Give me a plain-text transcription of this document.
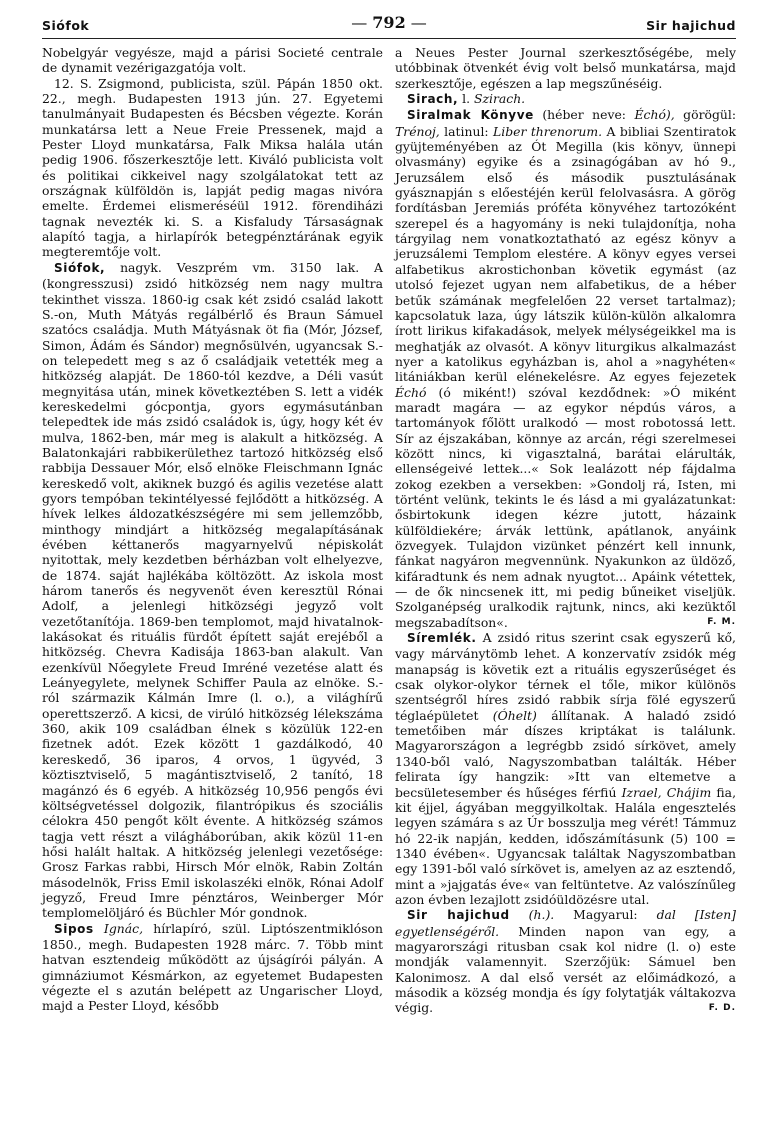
Siófok	— 792 —	Sir hajichud

Nobelgyár vegyésze, majd a párisi Societé centrale de dynamit vezérigazgatója volt.

12. S. Zsigmond, publicista, szül. Pápán 1850 okt. 22., megh. Budapesten 1913 jún. 27. Egyetemi tanulmányait Budapesten és Bécsben végezte. Korán munkatársa lett a Neue Freie Pressenek, majd a Pester Lloyd munkatársa, Falk Miksa halála után pedig 1906. főszerkesztője lett. Kiváló publicista volt és politikai cikkeivel nagy szolgálatokat tett az országnak külföldön is, lapját pedig magas nivóra emelte. Érdemei elismeréséül 1912. förendiházi tagnak nevezték ki. S. a Kisfaludy Társaságnak alapító tagja, a hirlapírók betegpénztárának egyik megteremtője volt.

Siófok, nagyk. Veszprém vm. 3150 lak. A (kongresszusi) zsidó hitközség nem nagy multra tekinthet vissza. 1860-ig csak két zsidó család lakott S.-on, Muth Mátyás regálbérlő és Braun Sámuel szatócs családja. Muth Mátyásnak öt fia (Mór, József, Simon, Ádám és Sándor) megnősülvén, ugyancsak S.-on telepedett meg s az ő családjaik vetették meg a hitközség alapját. De 1860-tól kezdve, a Déli vasút megnyitása után, minek következtében S. lett a vidék kereskedelmi gócpontja, gyors egymásutánban telepedtek ide más zsidó családok is, úgy, hogy két év mulva, 1862-ben, már meg is alakult a hitközség. A Balatonkajári rabbikerülethez tartozó hitközség első rabbija Dessauer Mór, első elnöke Fleischmann Ignác kereskedő volt, akiknek buzgó és agilis vezetése alatt gyors tempóban tekintélyessé fejlődött a hitközség. A hívek lelkes áldozatkészségére mi sem jellemzőbb, minthogy mindjárt a hitközség megalapításának évében kéttanerős magyarnyelvű népiskolát nyitottak, mely kezdetben bérházban volt elhelyezve, de 1874. saját hajlékába költözött. Az iskola most három tanerős és negyvenöt éven keresztül Rónai Adolf, a jelenlegi hitközségi jegyző volt vezetőtanítója. 1869-ben templomot, majd hivatalnok-lakásokat és rituális fürdőt épített saját erejéből a hitközség. Chevra Kadisája 1863-ban alakult. Van ezenkívül Nőegylete Freud Imréné vezetése alatt és Leányegylete, melynek Schiffer Paula az elnöke. S.-ról származik Kálmán Imre (l. o.), a világhírű operettszerző. A kicsi, de virúló hitközség lélekszáma 360, akik 109 családban élnek s közülük 122-en fizetnek adót. Ezek között 1 gazdálkodó, 40 kereskedő, 36 iparos, 4 orvos, 1 ügyvéd, 3 köztisztviselő, 5 magántisztviselő, 2 tanító, 18 magánzó és 6 egyéb. A hitközség 10,956 pengős évi költségvetéssel dolgozik, filantrópikus és szociális célokra 450 pengőt költ évente. A hitközség számos tagja vett részt a világháborúban, akik közül 11-en hősi halált haltak. A hitközség jelenlegi vezetősége: Grosz Farkas rabbi, Hirsch Mór elnök, Rabin Zoltán másodelnök, Friss Emil iskolaszéki elnök, Rónai Adolf jegyző, Freud Imre pénztáros, Weinberger Mór templomelöljáró és Büchler Mór gondnok.

Sipos Ignác, hírlapíró, szül. Liptószentmiklóson 1850., megh. Budapesten 1928 márc. 7. Több mint hatvan esztendeig működött az újságírói pályán. A gimnáziumot Késmárkon, az egyetemet Budapesten végezte el s azután belépett az Ungarischer Lloyd, majd a Pester Lloyd, később

a Neues Pester Journal szerkesztőségébe, mely utóbbinak ötvenkét évig volt belső munkatársa, majd szerkesztője, egészen a lap megszűnéséig.

Sirach, l. Szirach.

Siralmak Könyve (héber neve: Échó), görögül: Trénoj, latinul: Liber threnorum. A bibliai Szentiratok gyüjteményében az Ót Megilla (kis könyv, ünnepi olvasmány) egyike és a zsinagógában av hó 9., Jeruzsálem első és második pusztulásának gyásznapján s előestéjén kerül felolvasásra. A görög fordításban Jeremiás próféta könyvéhez tartozóként szerepel és a hagyomány is neki tulajdonítja, noha tárgyilag nem vonatkoztatható az egész könyv a jeruzsálemi Templom elestére. A könyv egyes versei alfabetikus akrostichonban követik egymást (az utolsó fejezet ugyan nem alfabetikus, de a héber betűk számának megfelelően 22 verset tartalmaz); kapcsolatuk laza, úgy látszik külön-külön alkalomra írott lirikus kifakadások, melyek mélységeikkel ma is meghatják az olvasót. A könyv liturgikus alkalmazást nyer a katolikus egyházban is, ahol a »nagyhéten« litániákban kerül elénekelésre. Az egyes fejezetek Échó (ó miként!) szóval kezdődnek: »Ó miként maradt magára — az egykor népdús város, a tartományok főlött uralkodó — most robotossá lett. Sír az éjszakában, könnye az arcán, régi szerelmesei között nincs, ki vigasztalná, barátai elárulták, ellenségeivé lettek...« Sok lealázott nép fájdalma zokog ezekben a versekben: »Gondolj rá, Isten, mi történt velünk, tekints le és lásd a mi gyalázatunkat: ősbirtokunk idegen kézre jutott, házaink külföldiekére; árvák lettünk, apátlanok, anyáink özvegyek. Tulajdon vizünket pénzért kell innunk, fánkat nagyáron megvennünk. Nyakunkon az üldöző, kifáradtunk és nem adnak nyugtot... Apáink vétettek, — de ők nincsenek itt, mi pedig bűneiket viseljük. Szolganépség uralkodik rajtunk, nincs, aki kezüktől megszabadítson«.	F. M.

Síremlék. A zsidó ritus szerint csak egyszerű kő, vagy márványtömb lehet. A konzervatív zsidók még manapság is követik ezt a rituális egyszerűséget és csak olykor-olykor térnek el tőle, mikor különös szentségről híres zsidó rabbik sírja fölé egyszerű téglaépületet (Óhelt) állítanak. A haladó zsidó temetőiben már díszes kriptákat is találunk. Magyarországon a legrégbb zsidó sírkövet, amely 1340-ből való, Nagyszombatban találták. Héber felirata így hangzik: »Itt van eltemetve a becsületesember és hűséges férfiú Izrael, Chájim fia, kit éjjel, ágyában meggyilkoltak. Halála engesztelés legyen számára s az Úr bosszulja meg vérét! Támmuz hó 22-ik napján, kedden, időszámításunk (5) 100 = 1340 évében«. Ugyancsak találtak Nagyszombatban egy 1391-ből való sírkövet is, amelyen az az esztendő, mint a »jajgatás éve« van feltüntetve. Az valószínűleg azon évben lezajlott zsidóüldözésre utal.

Sir hajichud (h.). Magyarul: dal [Isten] egyetlenségéről. Minden napon van egy, a magyarországi ritusban csak kol nidre (l. o) este mondják valamennyit. Szerzőjük: Sámuel ben Kalonimosz. A dal első versét az előimádkozó, a második a község mondja és így folytatják váltakozva végig.	F. D.
